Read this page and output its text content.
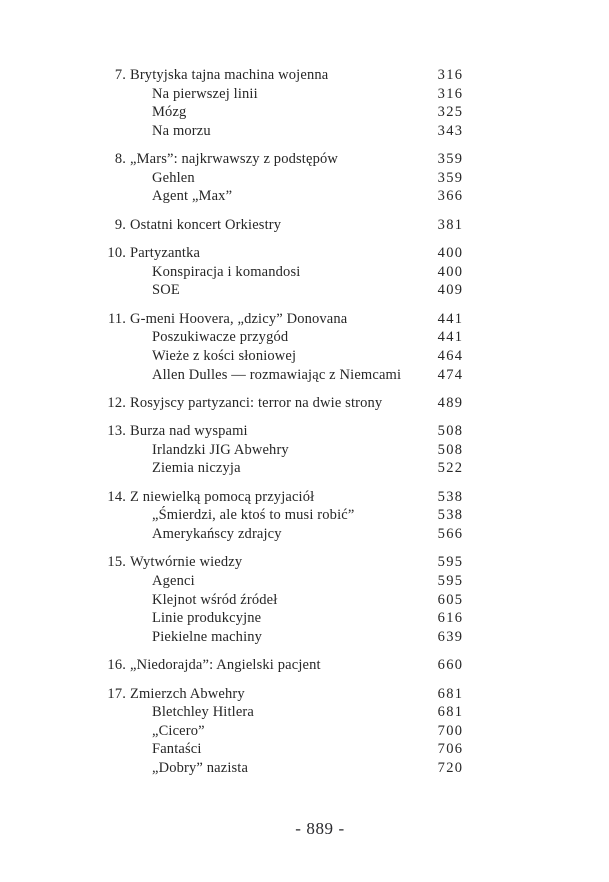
7. Brytyjska tajna machina wojenna	316
Na pierwszej linii	316
Mózg	325
Na morzu	343
8. „Mars”: najkrwawszy z podstępów	359
Gehlen	359
Agent „Max”	366
9. Ostatni koncert Orkiestry	381
10. Partyzantka	400
Konspiracja i komandosi	400
SOE	409
11. G-meni Hoovera, „dzicy” Donovana	441
Poszukiwacze przygód	441
Wieże z kości słoniowej	464
Allen Dulles — rozmawiając z Niemcami	474
12. Rosyjscy partyzanci: terror na dwie strony	489
13. Burza nad wyspami	508
Irlandzki JIG Abwehry	508
Ziemia niczyja	522
14. Z niewielką pomocą przyjaciół	538
„Śmierdzi, ale ktoś to musi robić”	538
Amerykańscy zdrajcy	566
15. Wytwórnie wiedzy	595
Agenci	595
Klejnot wśród źródeł	605
Linie produkcyjne	616
Piekielne machiny	639
16. „Niedorajda”: Angielski pacjent	660
17. Zmierzch Abwehry	681
Bletchley Hitlera	681
„Cicero”	700
Fantaści	706
„Dobry” nazista	720
- 889 -
